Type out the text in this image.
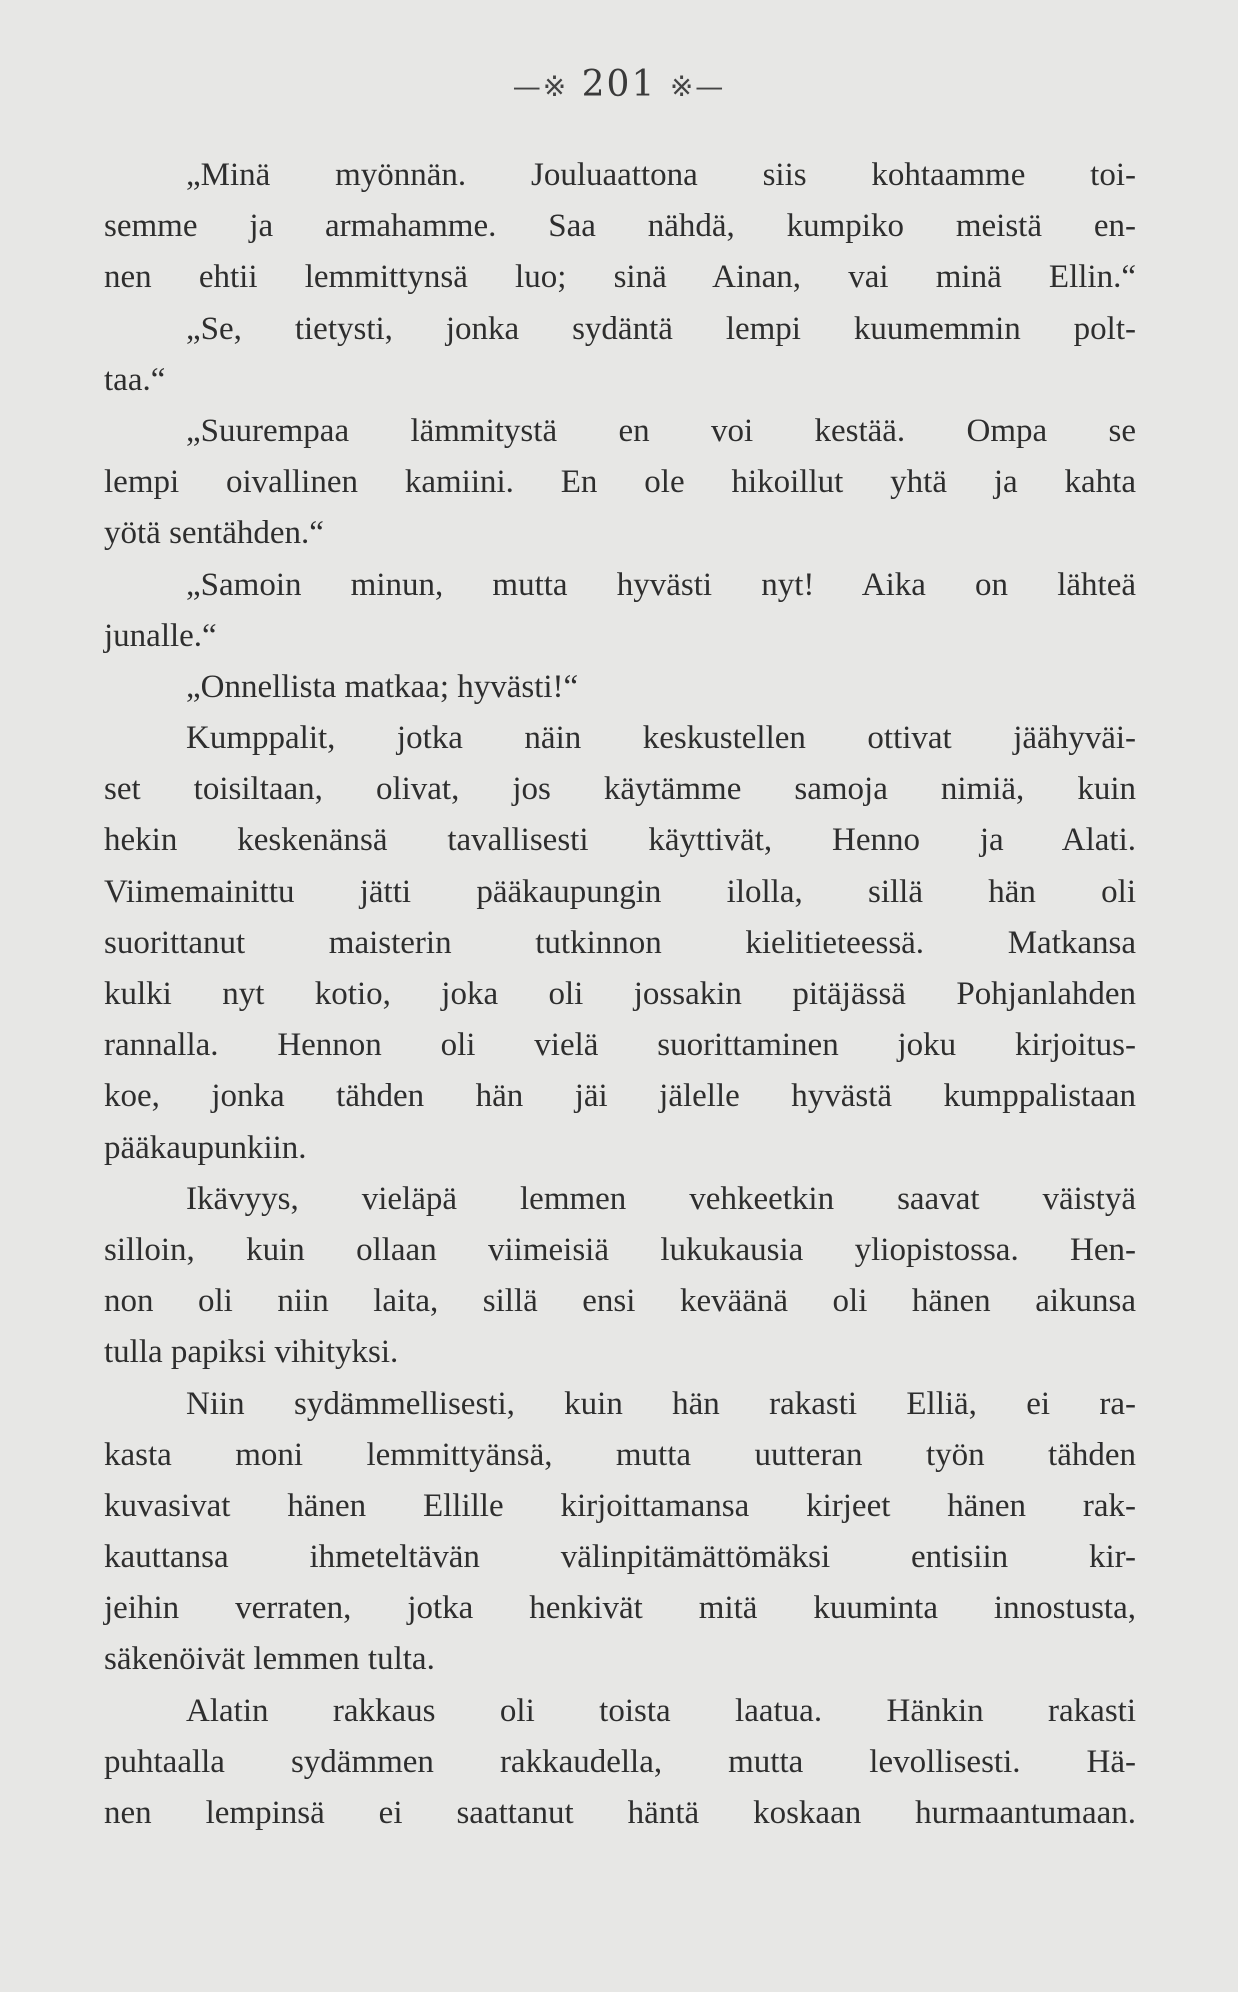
—※ 201 ※—
„Minä myönnän. Jouluaattona siis kohtaamme toi-
semme ja armahamme. Saa nähdä, kumpiko meistä en-
nen ehtii lemmittynsä luo; sinä Ainan, vai minä Ellin.“
„Se, tietysti, jonka sydäntä lempi kuumemmin polt-
taa.“
„Suurempaa lämmitystä en voi kestää. Ompa se
lempi oivallinen kamiini. En ole hikoillut yhtä ja kahta
yötä sentähden.“
„Samoin minun, mutta hyvästi nyt! Aika on lähteä
junalle.“
„Onnellista matkaa; hyvästi!“
Kumppalit, jotka näin keskustellen ottivat jäähyväi-
set toisiltaan, olivat, jos käytämme samoja nimiä, kuin
hekin keskenänsä tavallisesti käyttivät, Henno ja Alati.
Viimemainittu jätti pääkaupungin ilolla, sillä hän oli
suorittanut maisterin tutkinnon kielitieteessä. Matkansa
kulki nyt kotio, joka oli jossakin pitäjässä Pohjanlahden
rannalla. Hennon oli vielä suorittaminen joku kirjoitus-
koe, jonka tähden hän jäi jälelle hyvästä kumppalistaan
pääkaupunkiin.
Ikävyys, vieläpä lemmen vehkeetkin saavat väistyä
silloin, kuin ollaan viimeisiä lukukausia yliopistossa. Hen-
non oli niin laita, sillä ensi keväänä oli hänen aikunsa
tulla papiksi vihityksi.
Niin sydämmellisesti, kuin hän rakasti Elliä, ei ra-
kasta moni lemmittyänsä, mutta uutteran työn tähden
kuvasivat hänen Ellille kirjoittamansa kirjeet hänen rak-
kauttansa ihmeteltävän välinpitämättömäksi entisiin kir-
jeihin verraten, jotka henkivät mitä kuuminta innostusta,
säkenöivät lemmen tulta.
Alatin rakkaus oli toista laatua. Hänkin rakasti
puhtaalla sydämmen rakkaudella, mutta levollisesti. Hä-
nen lempinsä ei saattanut häntä koskaan hurmaantumaan.
